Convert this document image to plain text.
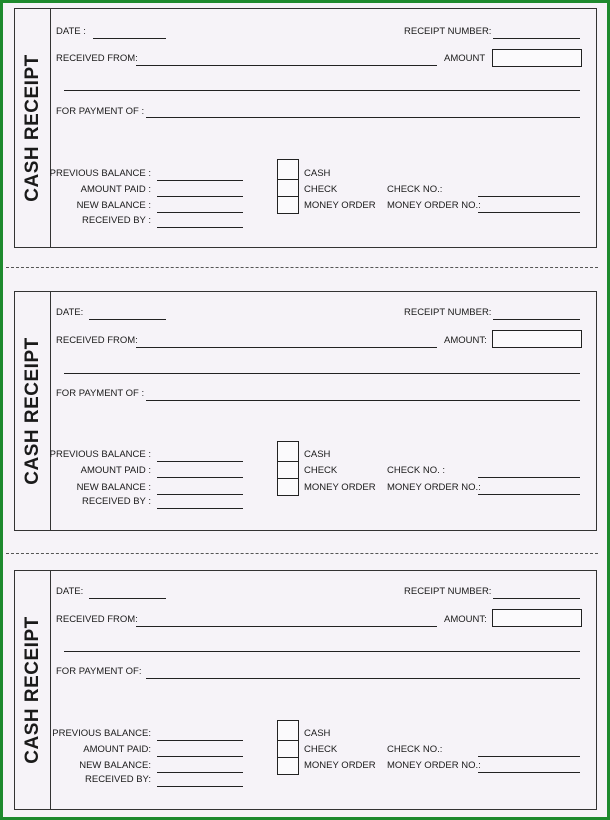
CASH RECEIPT
DATE :	RECEIPT NUMBER:
RECEIVED FROM:	AMOUNT
FOR PAYMENT OF :
PREVIOUS BALANCE :
AMOUNT PAID :
NEW BALANCE :
RECEIVED BY :
CASH
CHECK
MONEY ORDER
CHECK NO.:
MONEY ORDER NO.:
CASH RECEIPT
DATE:	RECEIPT NUMBER:
RECEIVED FROM:	AMOUNT:
FOR PAYMENT OF :
PREVIOUS BALANCE :
AMOUNT PAID :
NEW BALANCE :
RECEIVED BY :
CASH
CHECK
MONEY ORDER
CHECK NO. :
MONEY ORDER NO.:
CASH RECEIPT
DATE:	RECEIPT NUMBER:
RECEIVED FROM:	AMOUNT:
FOR PAYMENT OF:
PREVIOUS BALANCE:
AMOUNT PAID:
NEW BALANCE:
RECEIVED BY:
CASH
CHECK
MONEY ORDER
CHECK NO.:
MONEY ORDER NO.:
